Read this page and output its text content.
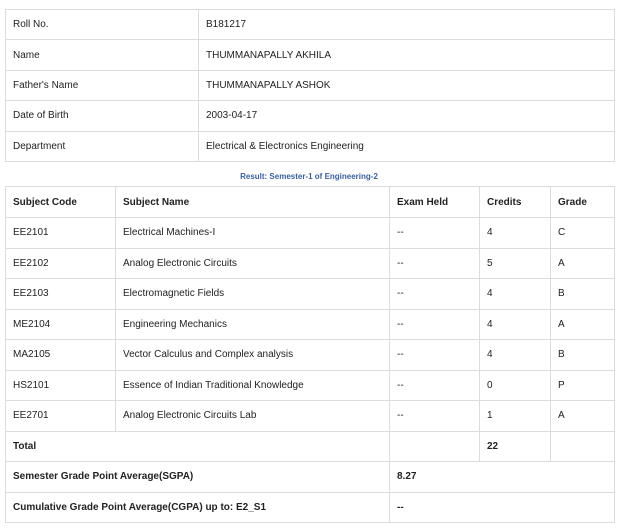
Roll No.	B181217
Name	THUMMANAPALLY AKHILA
Father's Name	THUMMANAPALLY ASHOK
Date of Birth	2003-04-17
Department	Electrical & Electronics Engineering
Result: Semester-1 of Engineering-2
Subject Code	Subject Name	Exam Held	Credits	Grade
EE2101	Electrical Machines-I	--	4	C
EE2102	Analog Electronic Circuits	--	5	A
EE2103	Electromagnetic Fields	--	4	B
ME2104	Engineering Mechanics	--	4	A
MA2105	Vector Calculus and Complex analysis	--	4	B
HS2101	Essence of Indian Traditional Knowledge	--	0	P
EE2701	Analog Electronic Circuits Lab	--	1	A
Total			22	
Semester Grade Point Average(SGPA)		8.27		
Cumulative Grade Point Average(CGPA) up to: E2_S1		--		
